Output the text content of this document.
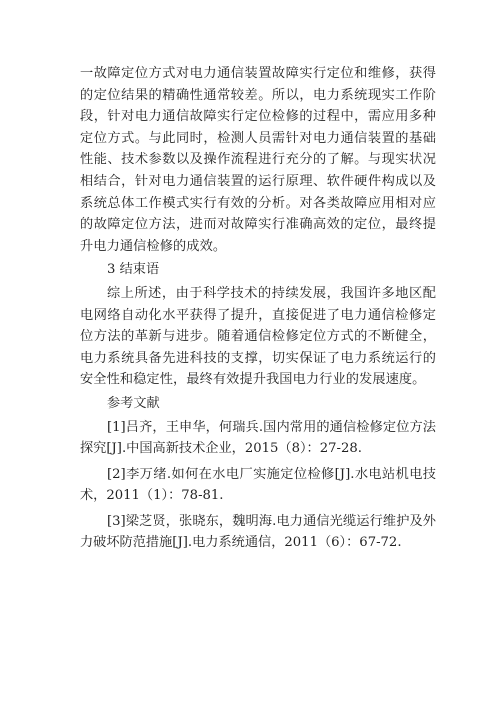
一故障定位方式对电力通信装置故障实行定位和维修，获得的定位结果的精确性通常较差。所以，电力系统现实工作阶段，针对电力通信故障实行定位检修的过程中，需应用多种定位方式。与此同时，检测人员需针对电力通信装置的基础性能、技术参数以及操作流程进行充分的了解。与现实状况相结合，针对电力通信装置的运行原理、软件硬件构成以及系统总体工作模式实行有效的分析。对各类故障应用相对应的故障定位方法，进而对故障实行准确高效的定位，最终提升电力通信检修的成效。

3 结束语

综上所述，由于科学技术的持续发展，我国许多地区配电网络自动化水平获得了提升，直接促进了电力通信检修定位方法的革新与进步。随着通信检修定位方式的不断健全，电力系统具备先进科技的支撑，切实保证了电力系统运行的安全性和稳定性，最终有效提升我国电力行业的发展速度。

参考文献

[1]吕齐，王申华，何瑞兵.国内常用的通信检修定位方法探究[J].中国高新技术企业，2015（8）：27-28.

[2]李万绪.如何在水电厂实施定位检修[J].水电站机电技术，2011（1）：78-81.

[3]梁芝贤，张晓东，魏明海.电力通信光缆运行维护及外力破坏防范措施[J].电力系统通信，2011（6）：67-72.
